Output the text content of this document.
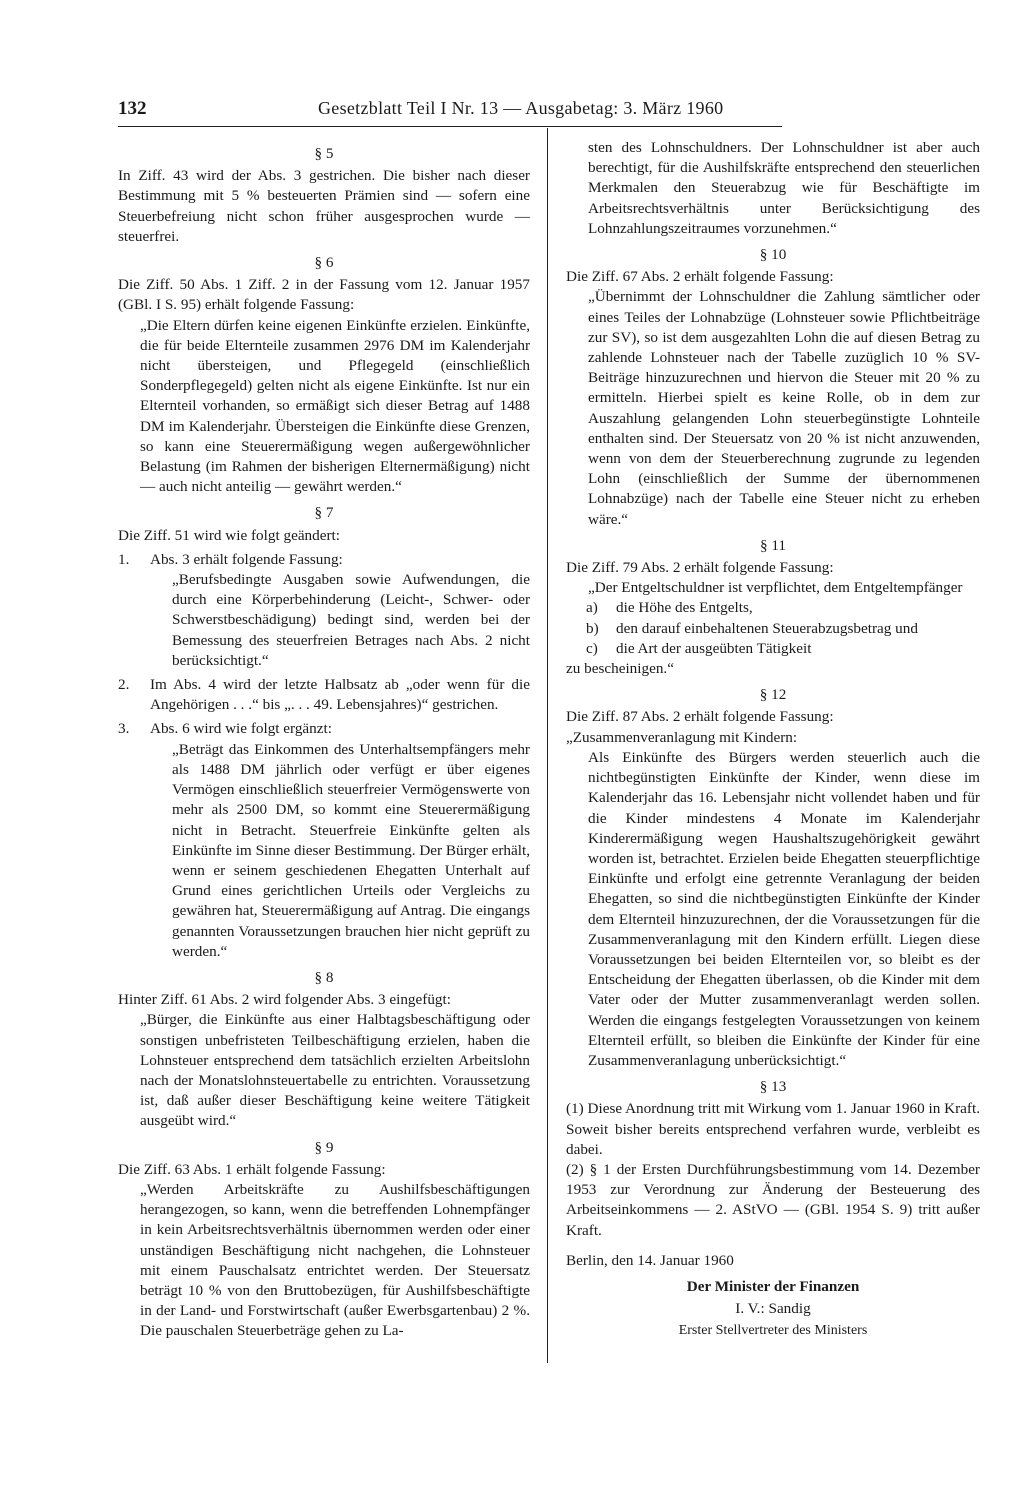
132	Gesetzblatt Teil I Nr. 13 — Ausgabetag: 3. März 1960
§ 5

In Ziff. 43 wird der Abs. 3 gestrichen. Die bisher nach dieser Bestimmung mit 5 % besteuerten Prämien sind — sofern eine Steuerbefreiung nicht schon früher ausgesprochen wurde — steuerfrei.

§ 6

Die Ziff. 50 Abs. 1 Ziff. 2 in der Fassung vom 12. Januar 1957 (GBl. I S. 95) erhält folgende Fassung:

„Die Eltern dürfen keine eigenen Einkünfte erzielen. Einkünfte, die für beide Elternteile zusammen 2976 DM im Kalenderjahr nicht übersteigen, und Pflegegeld (einschließlich Sonderpflegegeld) gelten nicht als eigene Einkünfte. Ist nur ein Elternteil vorhanden, so ermäßigt sich dieser Betrag auf 1488 DM im Kalenderjahr. Übersteigen die Einkünfte diese Grenzen, so kann eine Steuerermäßigung wegen außergewöhnlicher Belastung (im Rahmen der bisherigen Elternermäßigung) nicht — auch nicht anteilig — gewährt werden.“

§ 7

Die Ziff. 51 wird wie folgt geändert:

1.	Abs. 3 erhält folgende Fassung:
„Berufsbedingte Ausgaben sowie Aufwendungen, die durch eine Körperbehinderung (Leicht-, Schwer- oder Schwerstbeschädigung) bedingt sind, werden bei der Bemessung des steuerfreien Betrages nach Abs. 2 nicht berücksichtigt.“
2.	Im Abs. 4 wird der letzte Halbsatz ab „oder wenn für die Angehörigen . . .“ bis „. . . 49. Lebensjahres)“ gestrichen.
3.	Abs. 6 wird wie folgt ergänzt:
„Beträgt das Einkommen des Unterhaltsempfängers mehr als 1488 DM jährlich oder verfügt er über eigenes Vermögen einschließlich steuerfreier Vermögenswerte von mehr als 2500 DM, so kommt eine Steuerermäßigung nicht in Betracht. Steuerfreie Einkünfte gelten als Einkünfte im Sinne dieser Bestimmung. Der Bürger erhält, wenn er seinem geschiedenen Ehegatten Unterhalt auf Grund eines gerichtlichen Urteils oder Vergleichs zu gewähren hat, Steuerermäßigung auf Antrag. Die eingangs genannten Voraussetzungen brauchen hier nicht geprüft zu werden.“
§ 8

Hinter Ziff. 61 Abs. 2 wird folgender Abs. 3 eingefügt:

„Bürger, die Einkünfte aus einer Halbtagsbeschäftigung oder sonstigen unbefristeten Teilbeschäftigung erzielen, haben die Lohnsteuer entsprechend dem tatsächlich erzielten Arbeitslohn nach der Monatslohnsteuertabelle zu entrichten. Voraussetzung ist, daß außer dieser Beschäftigung keine weitere Tätigkeit ausgeübt wird.“

§ 9

Die Ziff. 63 Abs. 1 erhält folgende Fassung:

„Werden Arbeitskräfte zu Aushilfsbeschäftigungen herangezogen, so kann, wenn die betreffenden Lohnempfänger in kein Arbeitsrechtsverhältnis übernommen werden oder einer unständigen Beschäftigung nicht nachgehen, die Lohnsteuer mit einem Pauschalsatz entrichtet werden. Der Steuersatz beträgt 10 % von den Bruttobezügen, für Aushilfsbeschäftigte in der Land- und Forstwirtschaft (außer Ewerbsgartenbau) 2 %. Die pauschalen Steuerbeträge gehen zu La-

sten des Lohnschuldners. Der Lohnschuldner ist aber auch berechtigt, für die Aushilfskräfte entsprechend den steuerlichen Merkmalen den Steuerabzug wie für Beschäftigte im Arbeitsrechtsverhältnis unter Berücksichtigung des Lohnzahlungszeitraumes vorzunehmen.“

§ 10

Die Ziff. 67 Abs. 2 erhält folgende Fassung:

„Übernimmt der Lohnschuldner die Zahlung sämtlicher oder eines Teiles der Lohnabzüge (Lohnsteuer sowie Pflichtbeiträge zur SV), so ist dem ausgezahlten Lohn die auf diesen Betrag zu zahlende Lohnsteuer nach der Tabelle zuzüglich 10 % SV-Beiträge hinzuzurechnen und hiervon die Steuer mit 20 % zu ermitteln. Hierbei spielt es keine Rolle, ob in dem zur Auszahlung gelangenden Lohn steuerbegünstigte Lohnteile enthalten sind. Der Steuersatz von 20 % ist nicht anzuwenden, wenn von dem der Steuerberechnung zugrunde zu legenden Lohn (einschließlich der Summe der übernommenen Lohnabzüge) nach der Tabelle eine Steuer nicht zu erheben wäre.“

§ 11

Die Ziff. 79 Abs. 2 erhält folgende Fassung:

„Der Entgeltschuldner ist verpflichtet, dem Entgeltempfänger

a)	die Höhe des Entgelts,
b)	den darauf einbehaltenen Steuerabzugsbetrag und
c)	die Art der ausgeübten Tätigkeit

zu bescheinigen.“

§ 12

Die Ziff. 87 Abs. 2 erhält folgende Fassung:

„Zusammenveranlagung mit Kindern:

Als Einkünfte des Bürgers werden steuerlich auch die nichtbegünstigten Einkünfte der Kinder, wenn diese im Kalenderjahr das 16. Lebensjahr nicht vollendet haben und für die Kinder mindestens 4 Monate im Kalenderjahr Kinderermäßigung wegen Haushaltszugehörigkeit gewährt worden ist, betrachtet. Erzielen beide Ehegatten steuerpflichtige Einkünfte und erfolgt eine getrennte Veranlagung der beiden Ehegatten, so sind die nichtbegünstigten Einkünfte der Kinder dem Elternteil hinzuzurechnen, der die Voraussetzungen für die Zusammenveranlagung mit den Kindern erfüllt. Liegen diese Voraussetzungen bei beiden Elternteilen vor, so bleibt es der Entscheidung der Ehegatten überlassen, ob die Kinder mit dem Vater oder der Mutter zusammenveranlagt werden sollen. Werden die eingangs festgelegten Voraussetzungen von keinem Elternteil erfüllt, so bleiben die Einkünfte der Kinder für eine Zusammenveranlagung unberücksichtigt.“

§ 13

(1) Diese Anordnung tritt mit Wirkung vom 1. Januar 1960 in Kraft. Soweit bisher bereits entsprechend verfahren wurde, verbleibt es dabei.

(2) § 1 der Ersten Durchführungsbestimmung vom 14. Dezember 1953 zur Verordnung zur Änderung der Besteuerung des Arbeitseinkommens — 2. AStVO — (GBl. 1954 S. 9) tritt außer Kraft.

Berlin, den 14. Januar 1960

Der Minister der Finanzen
I. V.: Sandig
Erster Stellvertreter des Ministers
